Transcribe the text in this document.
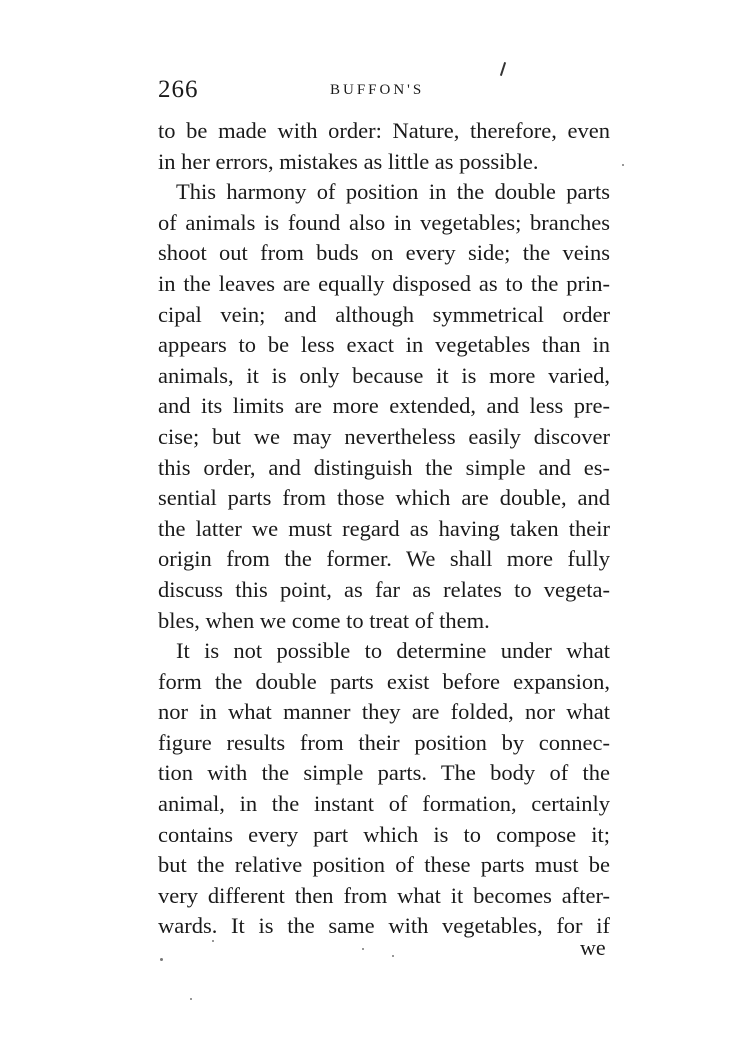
266	BUFFON'S
to be made with order: Nature, therefore, even
in her errors, mistakes as little as possible.
This harmony of position in the double parts
of animals is found also in vegetables; branches
shoot out from buds on every side; the veins
in the leaves are equally disposed as to the prin-
cipal vein; and although symmetrical order
appears to be less exact in vegetables than in
animals, it is only because it is more varied,
and its limits are more extended, and less pre-
cise; but we may nevertheless easily discover
this order, and distinguish the simple and es-
sential parts from those which are double, and
the latter we must regard as having taken their
origin from the former. We shall more fully
discuss this point, as far as relates to vegeta-
bles, when we come to treat of them.
It is not possible to determine under what
form the double parts exist before expansion,
nor in what manner they are folded, nor what
figure results from their position by connec-
tion with the simple parts. The body of the
animal, in the instant of formation, certainly
contains every part which is to compose it;
but the relative position of these parts must be
very different then from what it becomes after-
wards. It is the same with vegetables, for if
we
